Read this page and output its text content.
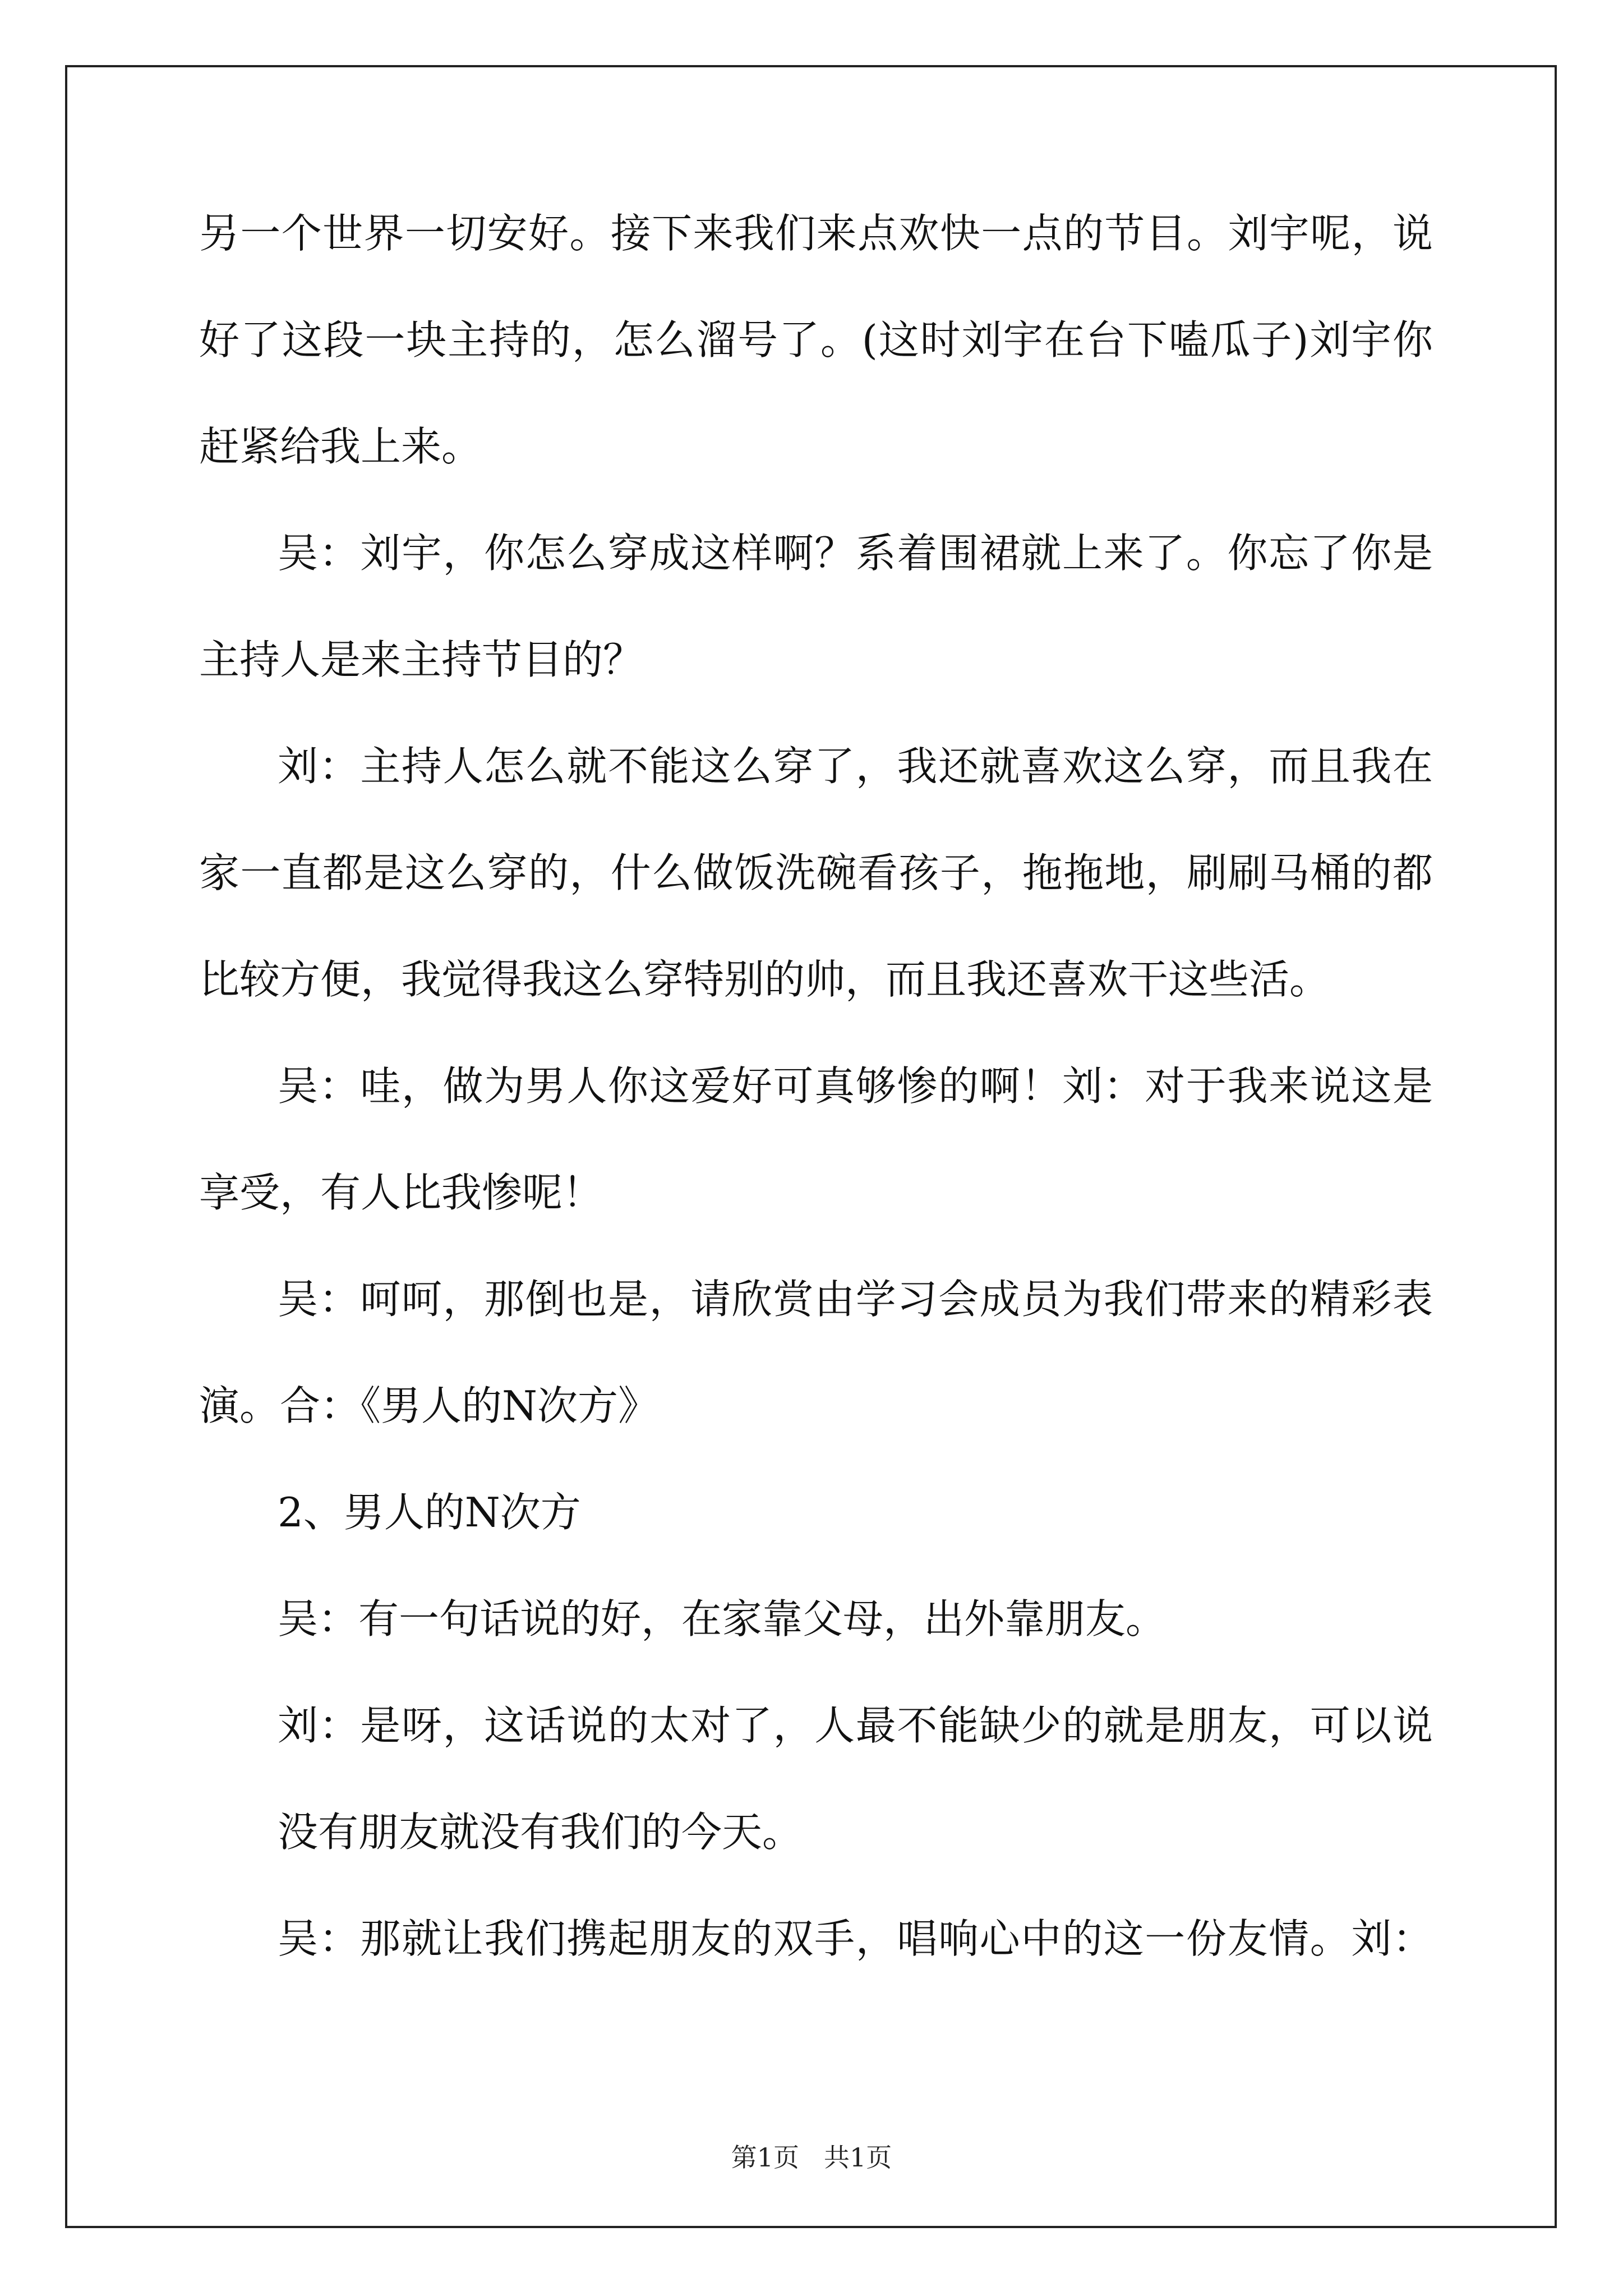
另一个世界一切安好。接下来我们来点欢快一点的节目。刘宇呢，说
好了这段一块主持的，怎么溜号了。(这时刘宇在台下嗑瓜子)刘宇你
赶紧给我上来。
吴：刘宇，你怎么穿成这样啊？系着围裙就上来了。你忘了你是
主持人是来主持节目的？
刘：主持人怎么就不能这么穿了，我还就喜欢这么穿，而且我在
家一直都是这么穿的，什么做饭洗碗看孩子，拖拖地，刷刷马桶的都
比较方便，我觉得我这么穿特别的帅，而且我还喜欢干这些活。
吴：哇，做为男人你这爱好可真够惨的啊！刘：对于我来说这是
享受，有人比我惨呢！
吴：呵呵，那倒也是，请欣赏由学习会成员为我们带来的精彩表
演。合：《男人的N次方》
2、男人的N次方
吴：有一句话说的好，在家靠父母，出外靠朋友。
刘：是呀，这话说的太对了，人最不能缺少的就是朋友，可以说
没有朋友就没有我们的今天。
吴：那就让我们携起朋友的双手，唱响心中的这一份友情。刘：
第1页 共1页
